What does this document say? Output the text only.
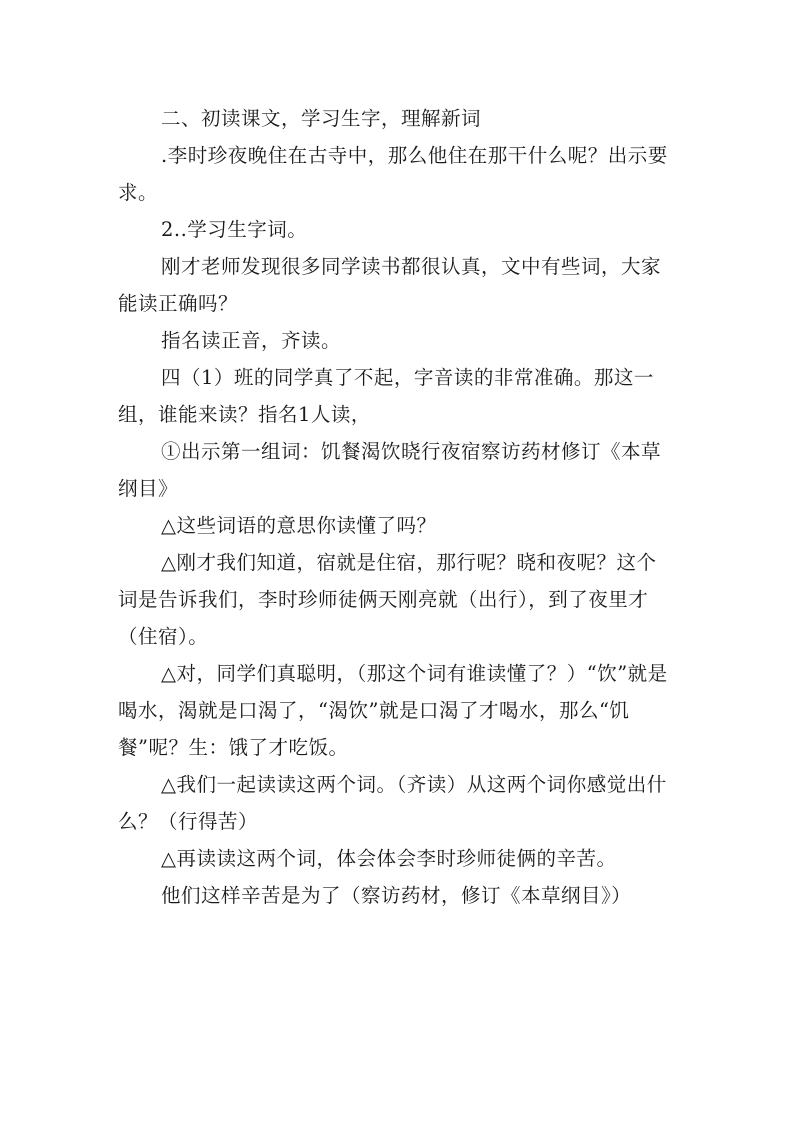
二、初读课文，学习生字，理解新词

.李时珍夜晚住在古寺中，那么他住在那干什么呢？出示要求。

2..学习生字词。

刚才老师发现很多同学读书都很认真，文中有些词，大家能读正确吗？

指名读正音，齐读。

四（1）班的同学真了不起，字音读的非常准确。那这一组，谁能来读？指名1人读，

①出示第一组词：饥餐渴饮晓行夜宿察访药材修订《本草纲目》

△这些词语的意思你读懂了吗？

△刚才我们知道，宿就是住宿，那行呢？晓和夜呢？这个词是告诉我们，李时珍师徒俩天刚亮就（出行），到了夜里才（住宿）。

△对，同学们真聪明，（那这个词有谁读懂了？）“饮”就是喝水，渴就是口渴了，“渴饮”就是口渴了才喝水，那么“饥餐”呢？生：饿了才吃饭。

△我们一起读读这两个词。（齐读）从这两个词你感觉出什么？（行得苦）

△再读读这两个词，体会体会李时珍师徒俩的辛苦。

他们这样辛苦是为了（察访药材，修订《本草纲目》）
